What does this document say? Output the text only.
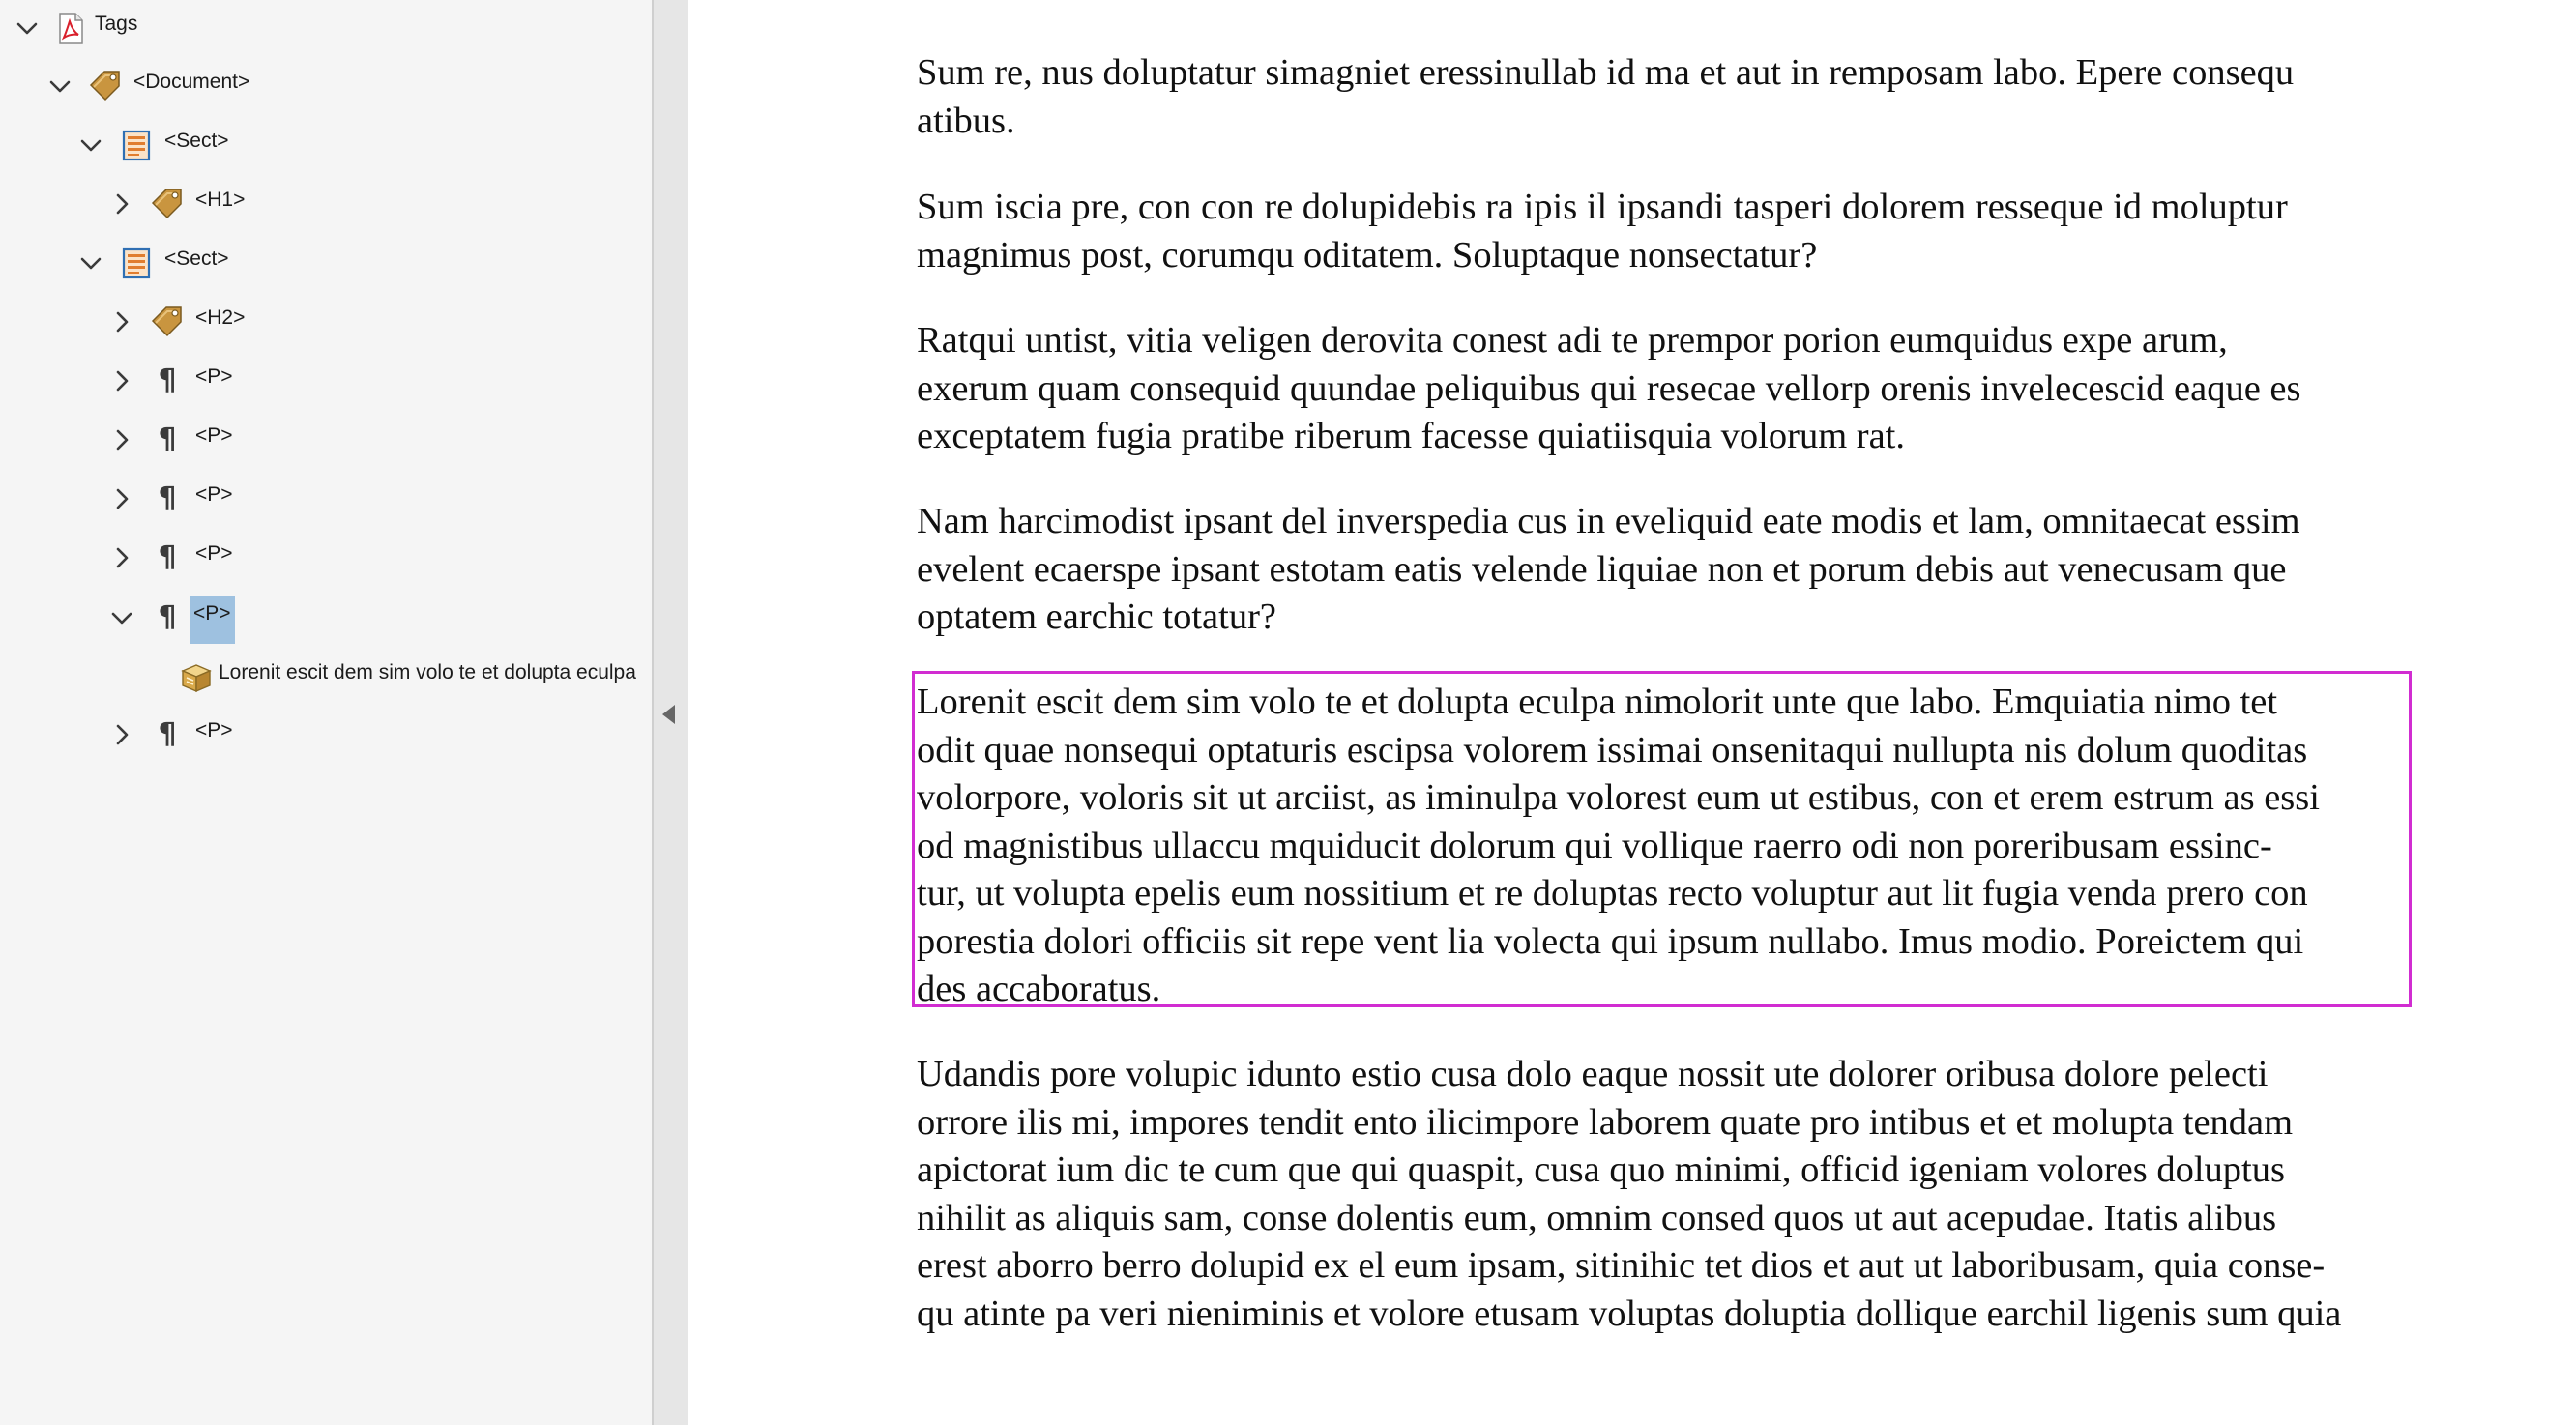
Tags
<Document>
<Sect>
<H1>
<Sect>
<H2>
¶ <P>
¶ <P>
¶ <P>
¶ <P>
¶ <P>
Lorenit escit dem sim volo te et dolupta eculpa
¶ <P>

Sum re, nus doluptatur simagniet eressinullab id ma et aut in remposam labo. Epere consequ
atibus.

Sum iscia pre, con con re dolupidebis ra ipis il ipsandi tasperi dolorem resseque id moluptur
magnimus post, corumqu oditatem. Soluptaque nonsectatur?

Ratqui untist, vitia veligen derovita conest adi te prempor porion eumquidus expe arum,
exerum quam consequid quundae peliquibus qui resecae vellorp orenis invelecescid eaque es
exceptatem fugia pratibe riberum facesse quiatiisquia volorum rat.

Nam harcimodist ipsant del inverspedia cus in eveliquid eate modis et lam, omnitaecat essim
evelent ecaerspe ipsant estotam eatis velende liquiae non et porum debis aut venecusam que
optatem earchic totatur?

Lorenit escit dem sim volo te et dolupta eculpa nimolorit unte que labo. Emquiatia nimo tet
odit quae nonsequi optaturis escipsa volorem issimai onsenitaqui nullupta nis dolum quoditas
volorpore, voloris sit ut arciist, as iminulpa volorest eum ut estibus, con et erem estrum as essi
od magnistibus ullaccu mquiducit dolorum qui vollique raerro odi non poreribusam essinc-
tur, ut volupta epelis eum nossitium et re doluptas recto voluptur aut lit fugia venda prero con
porestia dolori officiis sit repe vent lia volecta qui ipsum nullabo. Imus modio. Poreictem qui
des accaboratus.

Udandis pore volupic idunto estio cusa dolo eaque nossit ute dolorer oribusa dolore pelecti
orrore ilis mi, impores tendit ento ilicimpore laborem quate pro intibus et et molupta tendam
apictorat ium dic te cum que qui quaspit, cusa quo minimi, officid igeniam volores doluptus
nihilit as aliquis sam, conse dolentis eum, omnim consed quos ut aut acepudae. Itatis alibus
erest aborro berro dolupid ex el eum ipsam, sitinihic tet dios et aut ut laboribusam, quia conse-
qu atinte pa veri nieniminis et volore etusam voluptas doluptia dollique earchil ligenis sum quia
